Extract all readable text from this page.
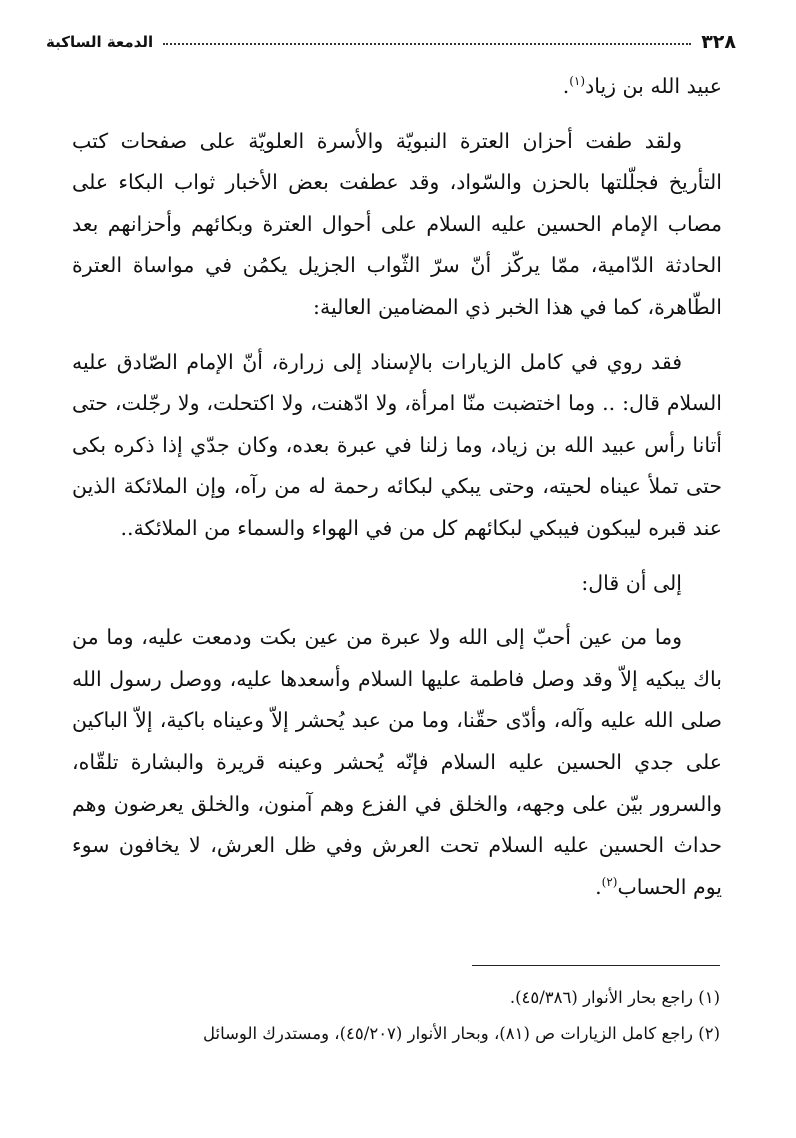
٣٢٨
الدمعة الساكبة

عبيد الله بن زياد$^{(١)}$.

ولقد طفت أحزان العترة النبويّة والأسرة العلويّة على صفحات كتب التأريخ فجلّلتها بالحزن والسّواد، وقد عطفت بعض الأخبار ثواب البكاء على مصاب الإمام الحسين عليه السلام على أحوال العترة وبكائهم وأحزانهم بعد الحادثة الدّامية، ممّا يركّز أنّ سرّ الثّواب الجزيل يكمُن في مواساة العترة الطّاهرة، كما في هذا الخبر ذي المضامين العالية:

فقد روي في كامل الزيارات بالإسناد إلى زرارة، أنّ الإمام الصّادق عليه السلام قال: .. وما اختضبت منّا امرأة، ولا ادّهنت، ولا اكتحلت، ولا رجّلت، حتى أتانا رأس عبيد الله بن زياد، وما زلنا في عبرة بعده، وكان جدّي إذا ذكره بكى حتى تملأ عيناه لحيته، وحتى يبكي لبكائه رحمة له من رآه، وإن الملائكة الذين عند قبره ليبكون فيبكي لبكائهم كل من في الهواء والسماء من الملائكة..

إلى أن قال:

وما من عين أحبّ إلى الله ولا عبرة من عين بكت ودمعت عليه، وما من باك يبكيه إلاّ وقد وصل فاطمة عليها السلام وأسعدها عليه، ووصل رسول الله صلى الله عليه وآله، وأدّى حقّنا، وما من عبد يُحشر إلاّ وعيناه باكية، إلاّ الباكين على جدي الحسين عليه السلام فإنّه يُحشر وعينه قريرة والبشارة تلقّاه، والسرور بيّن على وجهه، والخلق في الفزع وهم آمنون، والخلق يعرضون وهم حداث الحسين عليه السلام تحت العرش وفي ظل العرش، لا يخافون سوء يوم الحساب$^{(٢)}$.

(١) راجع بحار الأنوار (٤٥/٣٨٦).

(٢) راجع كامل الزيارات ص (٨١)، وبحار الأنوار (٤٥/٢٠٧)، ومستدرك الوسائل
